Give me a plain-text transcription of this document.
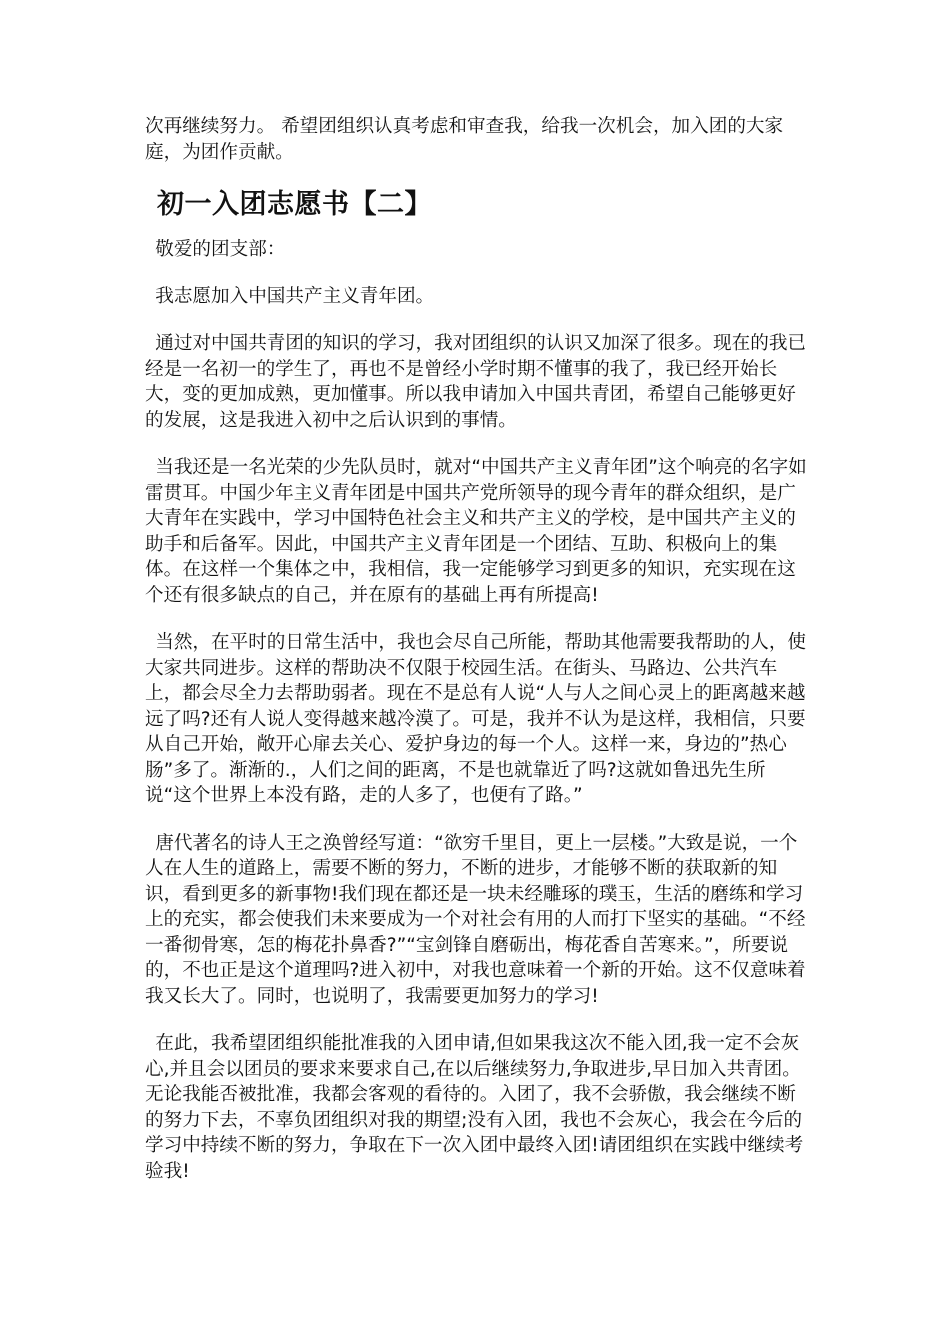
次再继续努力。 希望团组织认真考虑和审查我，给我一次机会，加入团的大家庭，为团作贡献。

初一入团志愿书【二】

敬爱的团支部：

我志愿加入中国共产主义青年团。

通过对中国共青团的知识的学习，我对团组织的认识又加深了很多。现在的我已经是一名初一的学生了，再也不是曾经小学时期不懂事的我了，我已经开始长大，变的更加成熟，更加懂事。所以我申请加入中国共青团，希望自己能够更好的发展，这是我进入初中之后认识到的事情。

当我还是一名光荣的少先队员时，就对“中国共产主义青年团”这个响亮的名字如雷贯耳。中国少年主义青年团是中国共产党所领导的现今青年的群众组织，是广大青年在实践中，学习中国特色社会主义和共产主义的学校，是中国共产主义的助手和后备军。因此，中国共产主义青年团是一个团结、互助、积极向上的集体。在这样一个集体之中，我相信，我一定能够学习到更多的知识，充实现在这个还有很多缺点的自己，并在原有的基础上再有所提高!

当然，在平时的日常生活中，我也会尽自己所能，帮助其他需要我帮助的人，使大家共同进步。这样的帮助决不仅限于校园生活。在街头、马路边、公共汽车上，都会尽全力去帮助弱者。现在不是总有人说“人与人之间心灵上的距离越来越远了吗?还有人说人变得越来越冷漠了。可是，我并不认为是这样，我相信，只要从自己开始，敞开心扉去关心、爱护身边的每一个人。这样一来，身边的”热心肠”多了。渐渐的.，人们之间的距离，不是也就靠近了吗?这就如鲁迅先生所说“这个世界上本没有路，走的人多了，也便有了路。”

唐代著名的诗人王之涣曾经写道：“欲穷千里目，更上一层楼。”大致是说，一个人在人生的道路上，需要不断的努力，不断的进步，才能够不断的获取新的知识，看到更多的新事物!我们现在都还是一块未经雕琢的璞玉，生活的磨练和学习上的充实，都会使我们未来要成为一个对社会有用的人而打下坚实的基础。“不经一番彻骨寒，怎的梅花扑鼻香?”“宝剑锋自磨砺出，梅花香自苦寒来。”，所要说的，不也正是这个道理吗?进入初中，对我也意味着一个新的开始。这不仅意味着我又长大了。同时，也说明了，我需要更加努力的学习!

在此，我希望团组织能批准我的入团申请,但如果我这次不能入团,我一定不会灰心,并且会以团员的要求来要求自己,在以后继续努力,争取进步,早日加入共青团。无论我能否被批准，我都会客观的看待的。入团了，我不会骄傲，我会继续不断的努力下去，不辜负团组织对我的期望;没有入团，我也不会灰心，我会在今后的学习中持续不断的努力，争取在下一次入团中最终入团!请团组织在实践中继续考验我!
